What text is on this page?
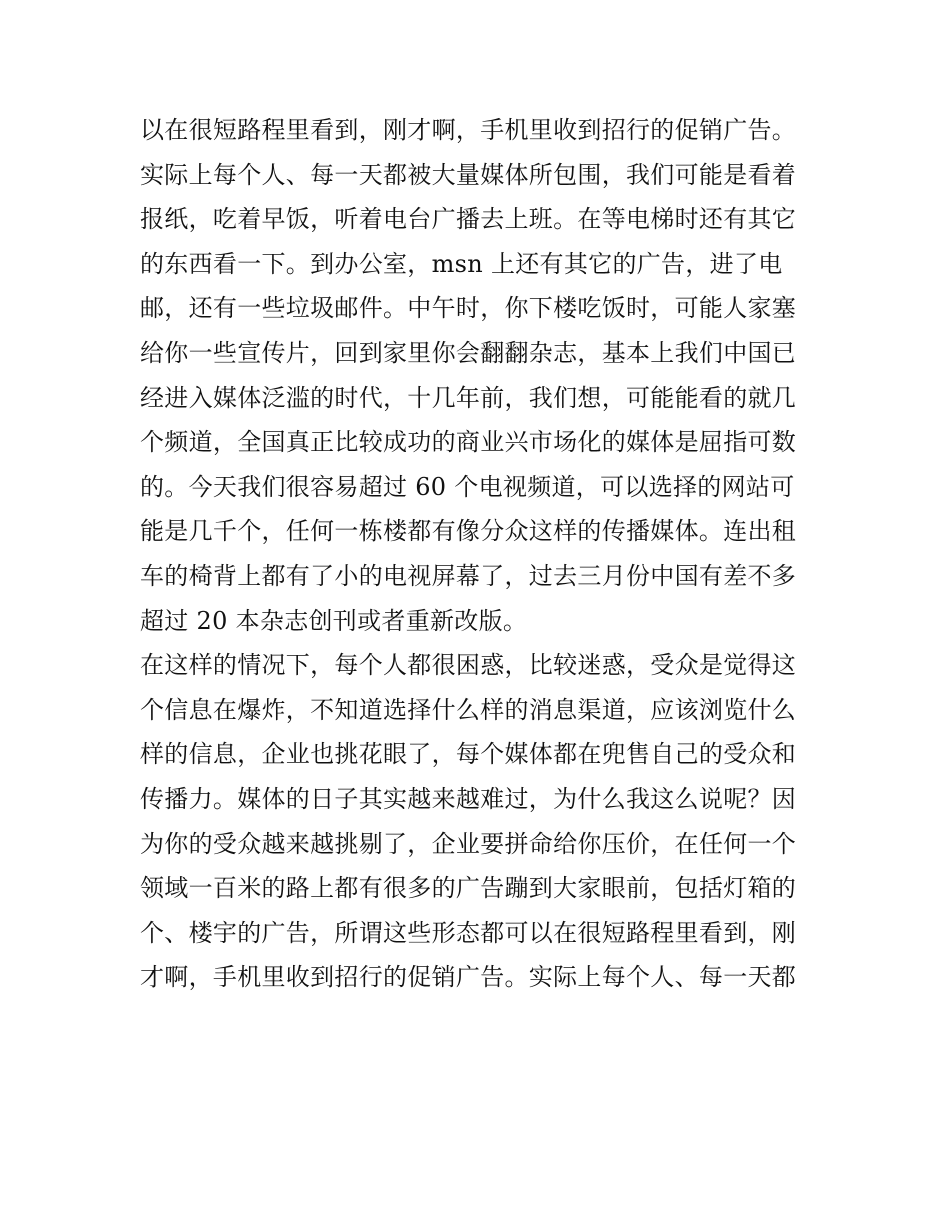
以在很短路程里看到，刚才啊，手机里收到招行的促销广告。
实际上每个人、每一天都被大量媒体所包围，我们可能是看着
报纸，吃着早饭，听着电台广播去上班。在等电梯时还有其它
的东西看一下。到办公室，msn 上还有其它的广告，进了电
邮，还有一些垃圾邮件。中午时，你下楼吃饭时，可能人家塞
给你一些宣传片，回到家里你会翻翻杂志，基本上我们中国已
经进入媒体泛滥的时代，十几年前，我们想，可能能看的就几
个频道，全国真正比较成功的商业兴市场化的媒体是屈指可数
的。今天我们很容易超过 60 个电视频道，可以选择的网站可
能是几千个，任何一栋楼都有像分众这样的传播媒体。连出租
车的椅背上都有了小的电视屏幕了，过去三月份中国有差不多
超过 20 本杂志创刊或者重新改版。
在这样的情况下，每个人都很困惑，比较迷惑，受众是觉得这
个信息在爆炸，不知道选择什么样的消息渠道，应该浏览什么
样的信息，企业也挑花眼了，每个媒体都在兜售自己的受众和
传播力。媒体的日子其实越来越难过，为什么我这么说呢？因
为你的受众越来越挑剔了，企业要拼命给你压价，在任何一个
领域一百米的路上都有很多的广告蹦到大家眼前，包括灯箱的
个、楼宇的广告，所谓这些形态都可以在很短路程里看到，刚
才啊，手机里收到招行的促销广告。实际上每个人、每一天都
